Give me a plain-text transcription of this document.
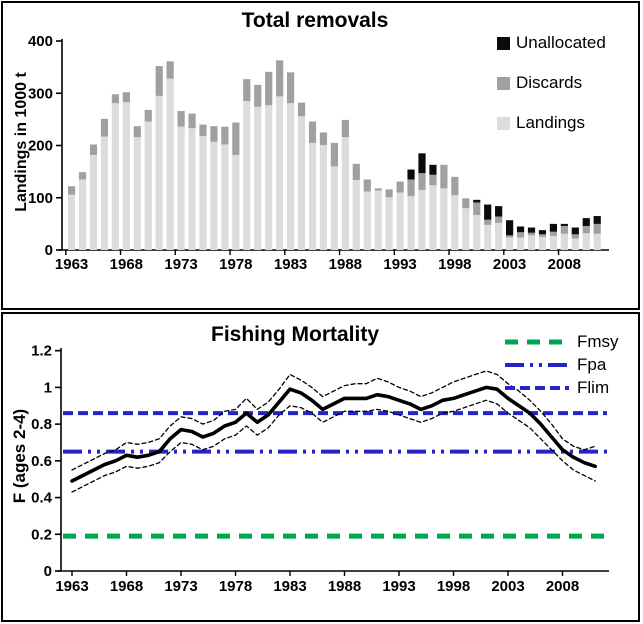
0
100
200
300
400
1963 1968 1973 1978 1983 1988 1993 1998 2003 2008
Total removals
Landings in 1000 t
Unallocated
Discards
Landings
0
0.2
0.4
0.6
0.8
1
1.2
1963 1968 1973 1978 1983 1988 1993 1998 2003 2008
Fishing Mortality
F (ages 2-4)
Fmsy
Fpa
Flim
